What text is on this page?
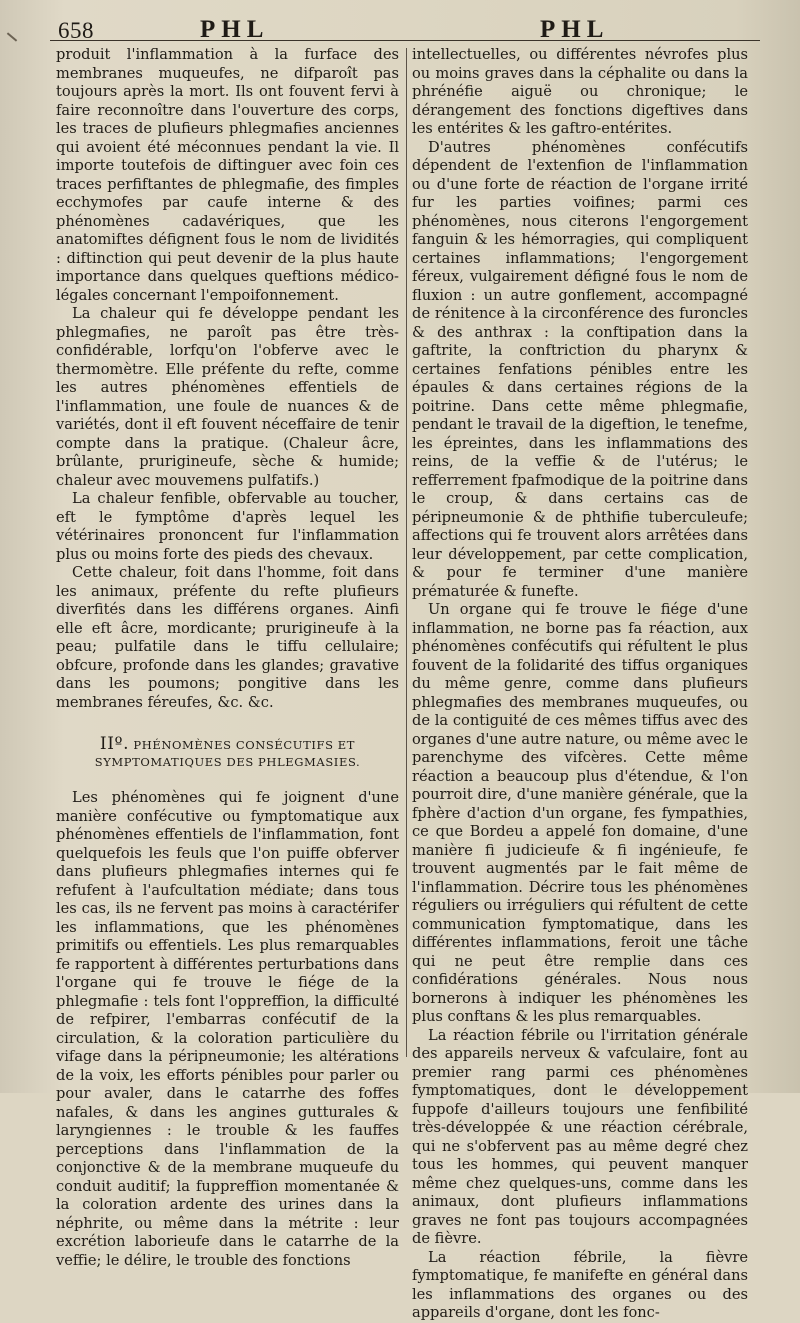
658	PHL	PHL

produit l'inflammation à la furface des membranes muqueufes, ne difparoît pas toujours après la mort. Ils ont fouvent fervi à faire reconnoître dans l'ouverture des corps, les traces de plufieurs phlegmafies anciennes qui avoient été méconnues pendant la vie. Il importe toutefois de diftinguer avec foin ces traces perfiftantes de phlegmafie, des fimples ecchymofes par caufe interne & des phénomènes cadavériques, que les anatomiftes défignent fous le nom de lividités : diftinction qui peut devenir de la plus haute importance dans quelques queftions médico-légales concernant l'empoifonnement.

La chaleur qui fe développe pendant les phlegmafies, ne paroît pas être très-confidérable, lorfqu'on l'obferve avec le thermomètre. Elle préfente du refte, comme les autres phénomènes effentiels de l'inflammation, une foule de nuances & de variétés, dont il eft fouvent néceffaire de tenir compte dans la pratique. (Chaleur âcre, brûlante, prurigineufe, sèche & humide; chaleur avec mouvemens pulfatifs.)

La chaleur fenfible, obfervable au toucher, eft le fymptôme d'après lequel les vétérinaires prononcent fur l'inflammation plus ou moins forte des pieds des chevaux.

Cette chaleur, foit dans l'homme, foit dans les animaux, préfente du refte plufieurs diverfités dans les différens organes. Ainfi elle eft âcre, mordicante; prurigineufe à la peau; pulfatile dans le tiffu cellulaire; obfcure, profonde dans les glandes; gravative dans les poumons; pongitive dans les membranes féreufes, &c. &c.

IIº. PHÉNOMÈNES CONSÉCUTIFS ET SYMPTOMATIQUES DES PHLEGMASIES.

Les phénomènes qui fe joignent d'une manière confécutive ou fymptomatique aux phénomènes effentiels de l'inflammation, font quelquefois les feuls que l'on puiffe obferver dans plufieurs phlegmafies internes qui fe refufent à l'aufcultation médiate; dans tous les cas, ils ne fervent pas moins à caractérifer les inflammations, que les phénomènes primitifs ou effentiels. Les plus remarquables fe rapportent à différentes perturbations dans l'organe qui fe trouve le fiége de la phlegmafie : tels font l'oppreffion, la difficulté de refpirer, l'embarras confécutif de la circulation, & la coloration particulière du vifage dans la péripneumonie; les altérations de la voix, les efforts pénibles pour parler ou pour avaler, dans le catarrhe des foffes nafales, & dans les angines gutturales & laryngiennes : le trouble & les fauffes perceptions dans l'inflammation de la conjonctive & de la membrane muqueufe du conduit auditif; la fuppreffion momentanée & la coloration ardente des urines dans la néphrite, ou même dans la métrite : leur excrétion laborieufe dans le catarrhe de la veffie; le délire, le trouble des fonctions

intellectuelles, ou différentes névrofes plus ou moins graves dans la céphalite ou dans la phrénéfie aiguë ou chronique; le dérangement des fonctions digeftives dans les entérites & les gaftro-entérites.

D'autres phénomènes confécutifs dépendent de l'extenfion de l'inflammation ou d'une forte de réaction de l'organe irrité fur les parties voifines; parmi ces phénomènes, nous citerons l'engorgement fanguin & les hémorragies, qui compliquent certaines inflammations; l'engorgement féreux, vulgairement défigné fous le nom de fluxion : un autre gonflement, accompagné de rénitence à la circonférence des furoncles & des anthrax : la conftipation dans la gaftrite, la conftriction du pharynx & certaines fenfations pénibles entre les épaules & dans certaines régions de la poitrine. Dans cette même phlegmafie, pendant le travail de la digeftion, le tenefme, les épreintes, dans les inflammations des reins, de la veffie & de l'utérus; le refferrement fpafmodique de la poitrine dans le croup, & dans certains cas de péripneumonie & de phthifie tuberculeufe; affections qui fe trouvent alors arrêtées dans leur développement, par cette complication, & pour fe terminer d'une manière prématurée & funefte.

Un organe qui fe trouve le fiége d'une inflammation, ne borne pas fa réaction, aux phénomènes confécutifs qui réfultent le plus fouvent de la folidarité des tiffus organiques du même genre, comme dans plufieurs phlegmafies des membranes muqueufes, ou de la contiguité de ces mêmes tiffus avec des organes d'une autre nature, ou même avec le parenchyme des vifcères. Cette même réaction a beaucoup plus d'étendue, & l'on pourroit dire, d'une manière générale, que la fphère d'action d'un organe, fes fympathies, ce que Bordeu a appelé fon domaine, d'une manière fi judicieufe & fi ingénieufe, fe trouvent augmentés par le fait même de l'inflammation. Décrire tous les phénomènes réguliers ou irréguliers qui réfultent de cette communication fymptomatique, dans les différentes inflammations, feroit une tâche qui ne peut être remplie dans ces confidérations générales. Nous nous bornerons à indiquer les phénomènes les plus conftans & les plus remarquables.

La réaction fébrile ou l'irritation générale des appareils nerveux & vafculaire, font au premier rang parmi ces phénomènes fymptomatiques, dont le développement fuppofe d'ailleurs toujours une fenfibilité très-développée & une réaction cérébrale, qui ne s'obfervent pas au même degré chez tous les hommes, qui peuvent manquer même chez quelques-uns, comme dans les animaux, dont plufieurs inflammations graves ne font pas toujours accompagnées de fièvre.

La réaction fébrile, la fièvre fymptomatique, fe manifefte en général dans les inflammations des organes ou des appareils d'organe, dont les fonc-
